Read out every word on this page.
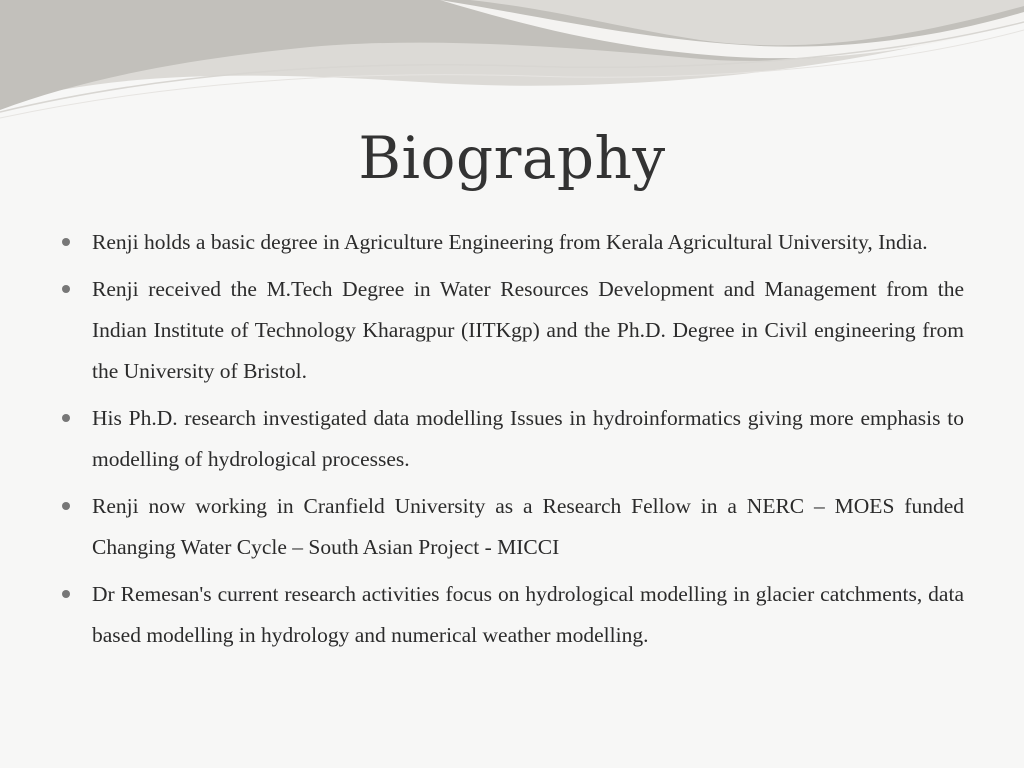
Biography
Renji holds a basic degree in Agriculture Engineering from Kerala Agricultural University, India.
Renji received the M.Tech Degree in Water Resources Development and Management from the Indian Institute of Technology Kharagpur (IITKgp) and the Ph.D. Degree in Civil engineering from the University of Bristol.
His Ph.D. research investigated data modelling Issues in hydroinformatics giving more emphasis to modelling of hydrological processes.
Renji now working in Cranfield University as a Research Fellow in a NERC – MOES funded Changing Water Cycle – South Asian Project - MICCI
Dr Remesan's current research activities focus on hydrological modelling in glacier catchments, data based modelling in hydrology and numerical weather modelling.
